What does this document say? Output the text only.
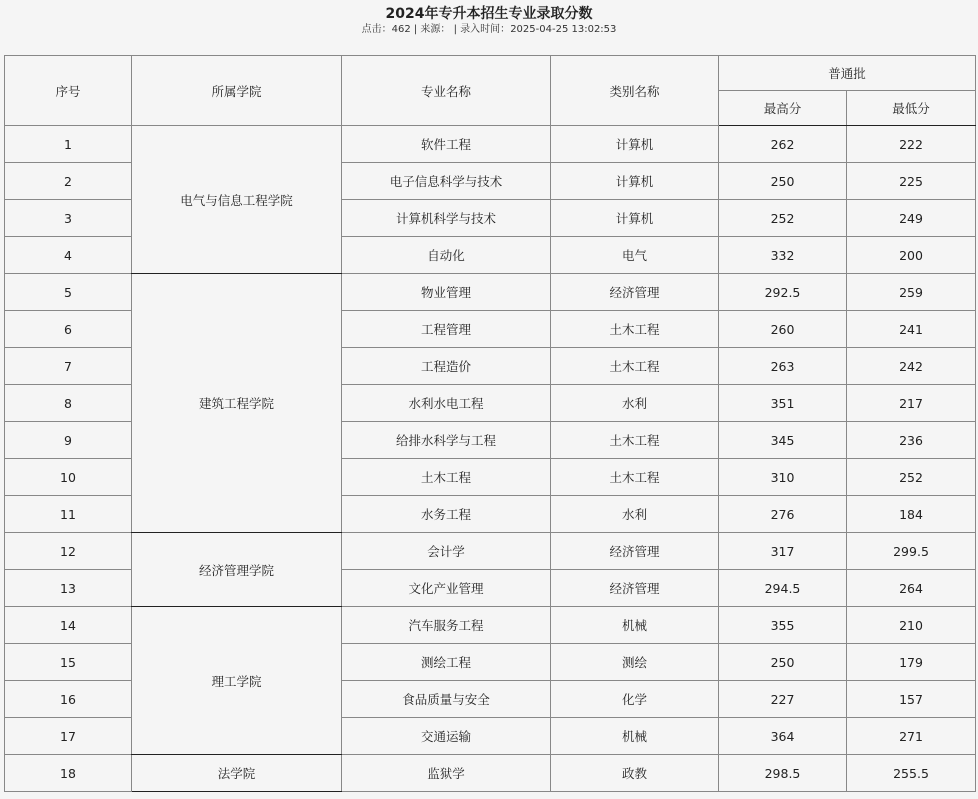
2024年专升本招生专业录取分数
点击：462 | 来源： | 录入时间：2025-04-25 13:02:53
序号	所属学院	专业名称	类别名称	普通批	
				最高分	最低分
1	电气与信息工程学院	软件工程	计算机	262	222
2		电子信息科学与技术	计算机	250	225
3		计算机科学与技术	计算机	252	249
4		自动化	电气	332	200
5	建筑工程学院	物业管理	经济管理	292.5	259
6		工程管理	土木工程	260	241
7		工程造价	土木工程	263	242
8		水利水电工程	水利	351	217
9		给排水科学与工程	土木工程	345	236
10		土木工程	土木工程	310	252
11		水务工程	水利	276	184
12	经济管理学院	会计学	经济管理	317	299.5
13		文化产业管理	经济管理	294.5	264
14	理工学院	汽车服务工程	机械	355	210
15		测绘工程	测绘	250	179
16		食品质量与安全	化学	227	157
17		交通运输	机械	364	271
18	法学院	监狱学	政教	298.5	255.5
